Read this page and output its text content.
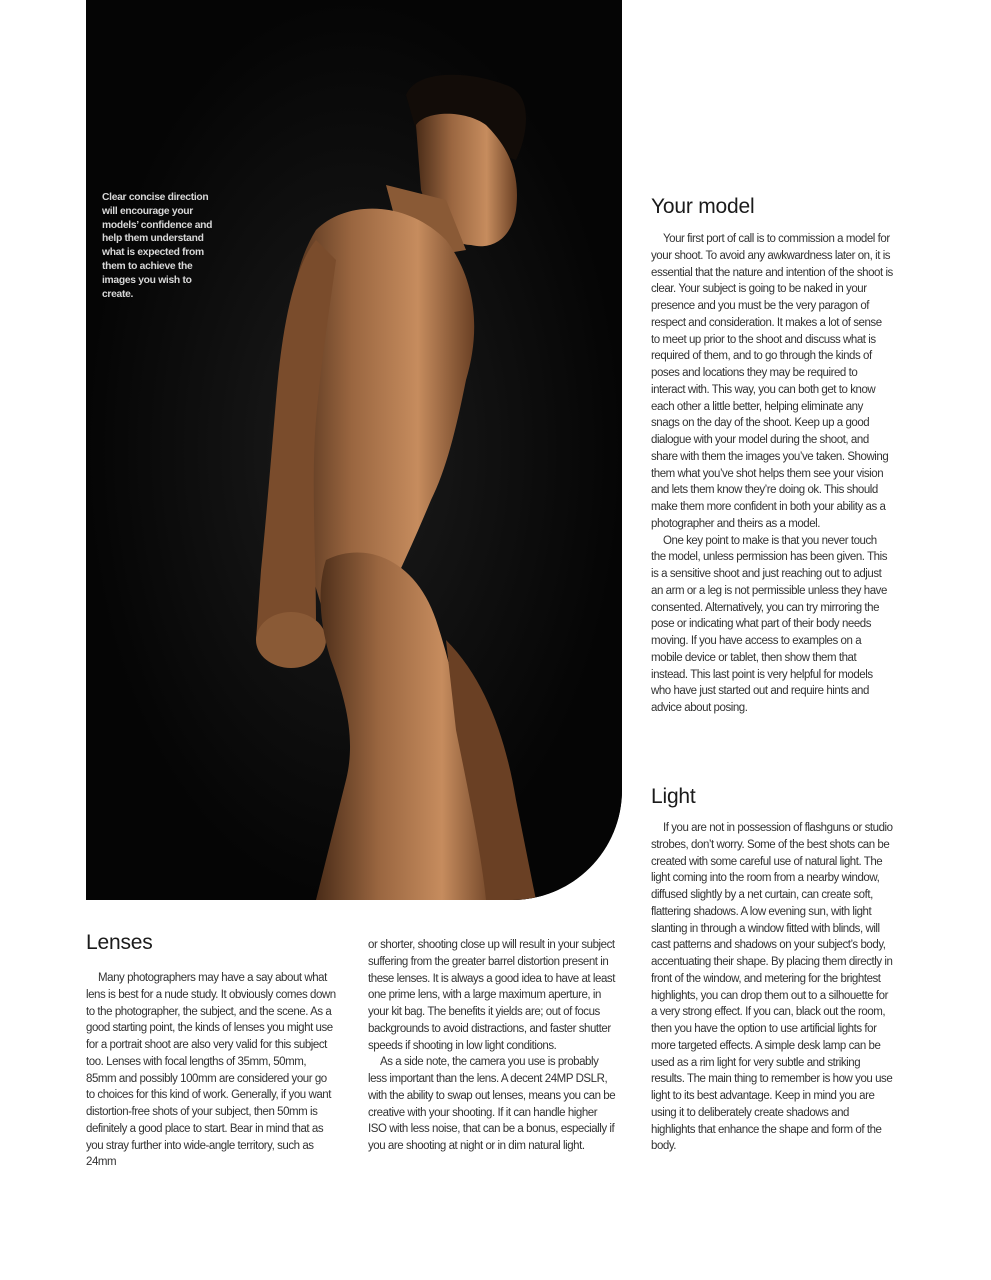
Clear concise direction will encourage your models’ confidence and help them understand what is expected from them to achieve the images you wish to create.
Your model

Your first port of call is to commission a model for your shoot. To avoid any awkwardness later on, it is essential that the nature and intention of the shoot is clear. Your subject is going to be naked in your presence and you must be the very paragon of respect and consideration. It makes a lot of sense to meet up prior to the shoot and discuss what is required of them, and to go through the kinds of poses and locations they may be required to interact with. This way, you can both get to know each other a little better, helping eliminate any snags on the day of the shoot. Keep up a good dialogue with your model during the shoot, and share with them the images you’ve taken. Showing them what you’ve shot helps them see your vision and lets them know they’re doing ok. This should make them more confident in both your ability as a photographer and theirs as a model.

One key point to make is that you never touch the model, unless permission has been given. This is a sensitive shoot and just reaching out to adjust an arm or a leg is not permissible unless they have consented. Alternatively, you can try mirroring the pose or indicating what part of their body needs moving. If you have access to examples on a mobile device or tablet, then show them that instead. This last point is very helpful for models who have just started out and require hints and advice about posing.

Light

If you are not in possession of flashguns or studio strobes, don’t worry. Some of the best shots can be created with some careful use of natural light. The light coming into the room from a nearby window, diffused slightly by a net curtain, can create soft, flattering shadows. A low evening sun, with light slanting in through a window fitted with blinds, will cast patterns and shadows on your subject’s body, accentuating their shape. By placing them directly in front of the window, and metering for the brightest highlights, you can drop them out to a silhouette for a very strong effect. If you can, black out the room, then you have the option to use artificial lights for more targeted effects. A simple desk lamp can be used as a rim light for very subtle and striking results. The main thing to remember is how you use light to its best advantage. Keep in mind you are using it to deliberately create shadows and highlights that enhance the shape and form of the body.

Lenses

Many photographers may have a say about what lens is best for a nude study. It obviously comes down to the photographer, the subject, and the scene. As a good starting point, the kinds of lenses you might use for a portrait shoot are also very valid for this subject too. Lenses with focal lengths of 35mm, 50mm, 85mm and possibly 100mm are considered your go to choices for this kind of work. Generally, if you want distortion-free shots of your subject, then 50mm is definitely a good place to start. Bear in mind that as you stray further into wide-angle territory, such as 24mm

or shorter, shooting close up will result in your subject suffering from the greater barrel distortion present in these lenses. It is always a good idea to have at least one prime lens, with a large maximum aperture, in your kit bag. The benefits it yields are; out of focus backgrounds to avoid distractions, and faster shutter speeds if shooting in low light conditions.

As a side note, the camera you use is probably less important than the lens. A decent 24MP DSLR, with the ability to swap out lenses, means you can be creative with your shooting. If it can handle higher ISO with less noise, that can be a bonus, especially if you are shooting at night or in dim natural light.
